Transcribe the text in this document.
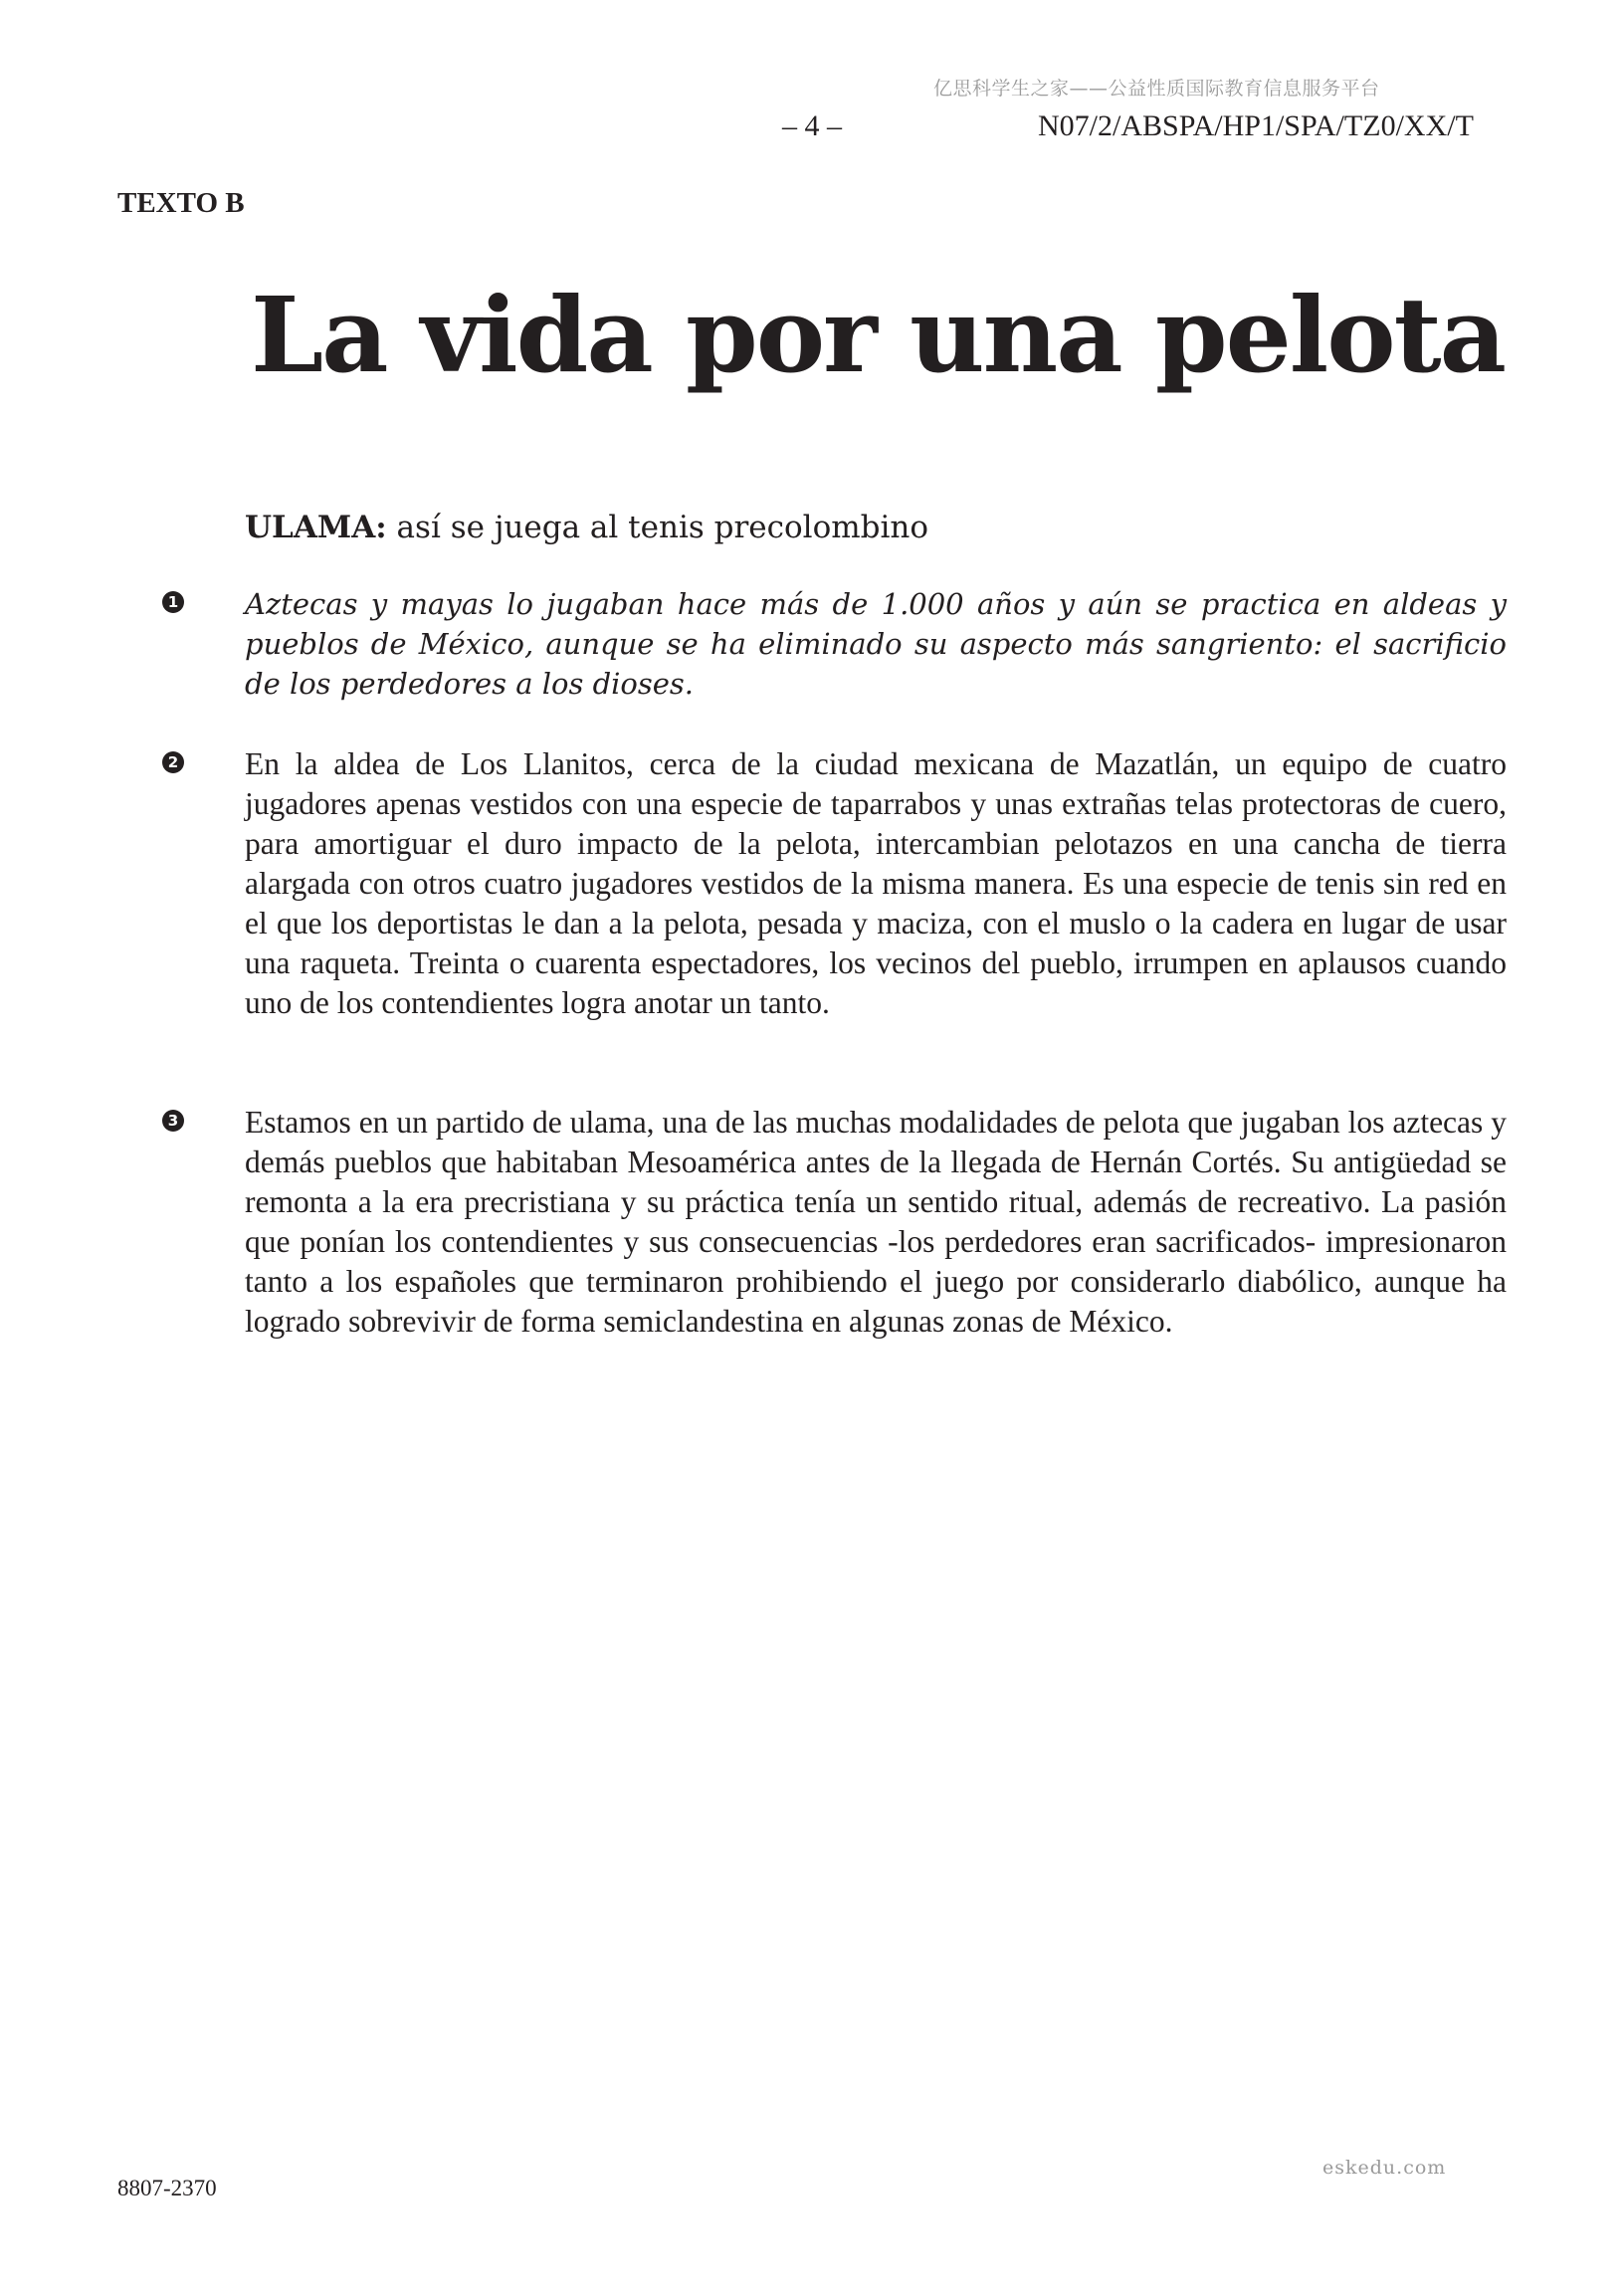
亿思科学生之家——公益性质国际教育信息服务平台
– 4 –	N07/2/ABSPA/HP1/SPA/TZ0/XX/T
TEXTO B
La vida por una pelota
ULAMA: así se juega al tenis precolombino
1 Aztecas y mayas lo jugaban hace más de 1.000 años y aún se practica en aldeas y pueblos de México, aunque se ha eliminado su aspecto más sangriento: el sacrificio de los perdedores a los dioses.

2 En la aldea de Los Llanitos, cerca de la ciudad mexicana de Mazatlán, un equipo de cuatro jugadores apenas vestidos con una especie de taparrabos y unas extrañas telas protectoras de cuero, para amortiguar el duro impacto de la pelota, intercambian pelotazos en una cancha de tierra alargada con otros cuatro jugadores vestidos de la misma manera. Es una especie de tenis sin red en el que los deportistas le dan a la pelota, pesada y maciza, con el muslo o la cadera en lugar de usar una raqueta. Treinta o cuarenta espectadores, los vecinos del pueblo, irrumpen en aplausos cuando uno de los contendientes logra anotar un tanto.

3 Estamos en un partido de ulama, una de las muchas modalidades de pelota que jugaban los aztecas y demás pueblos que habitaban Mesoamérica antes de la llegada de Hernán Cortés. Su antigüedad se remonta a la era precristiana y su práctica tenía un sentido ritual, además de recreativo. La pasión que ponían los contendientes y sus consecuencias -los perdedores eran sacrificados- impresionaron tanto a los españoles que terminaron prohibiendo el juego por considerarlo diabólico, aunque ha logrado sobrevivir de forma semiclandestina en algunas zonas de México.

eskedu.com
8807-2370
